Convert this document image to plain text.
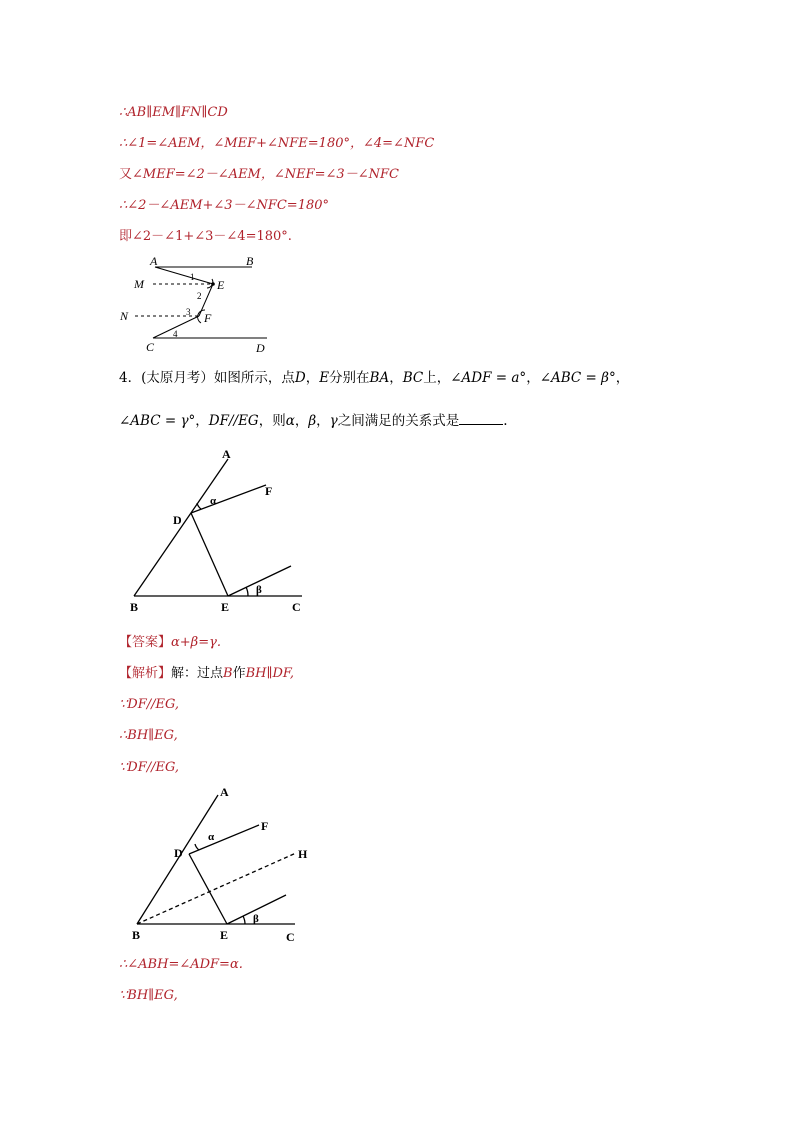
∴AB∥EM∥FN∥CD
∴∠1=∠AEM，∠MEF+∠NFE=180°，∠4=∠NFC
又∠MEF=∠2－∠AEM，∠NEF=∠3－∠NFC
∴∠2－∠AEM+∠3－∠NFC=180°
即∠2－∠1+∠3－∠4=180°.
A	B
M	E
N	F
C	D
1
2
3
4
4．(太原月考）如图所示，点D，E分别在BA，BC上，∠ADF = a°，∠ABC = β°，
∠ABC = γ°，DF//EG，则α，β，γ之间满足的关系式是	.
A
F
D
α
B	E
β
C
【答案】α+β=γ.
【解析】解：过点B作BH∥DF,
∵DF//EG,
∴BH∥EG,
∵DF//EG,
A
F
D
α
H
B	E
β
C
∴∠ABH=∠ADF=α.
∵BH∥EG,
